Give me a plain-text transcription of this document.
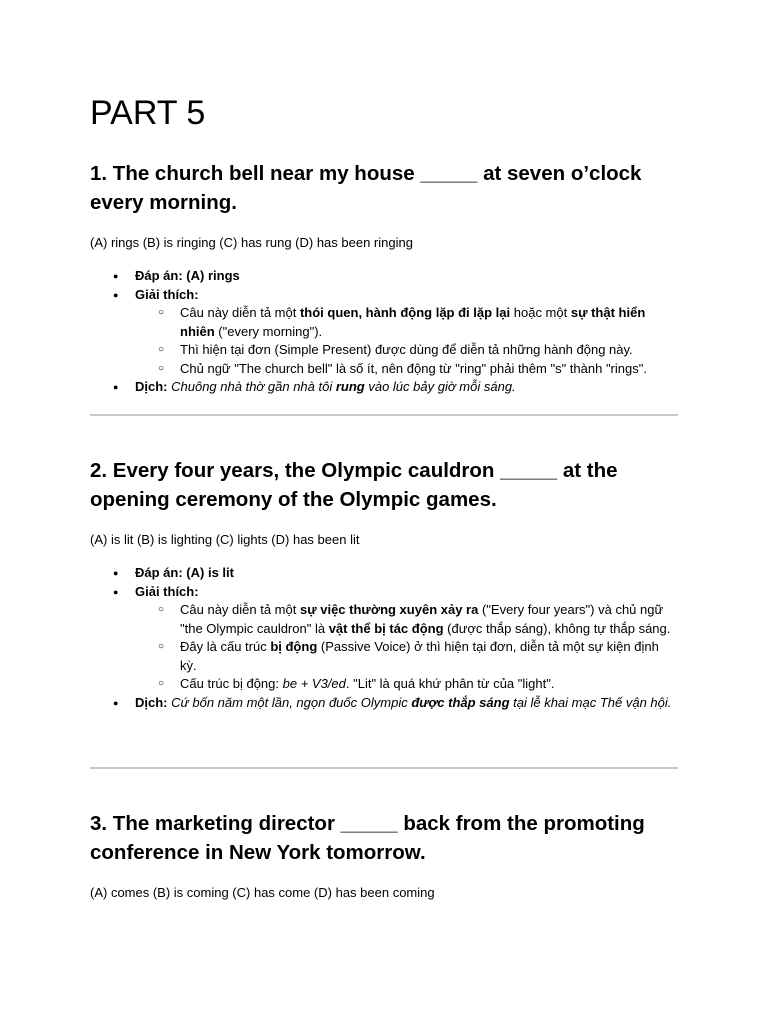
PART 5

1. The church bell near my house _____ at seven o’clock every morning.

(A) rings (B) is ringing (C) has rung (D) has been ringing

● Đáp án: (A) rings
● Giải thích:
○ Câu này diễn tả một thói quen, hành động lặp đi lặp lại hoặc một sự thật hiển nhiên ("every morning").
○ Thì hiện tại đơn (Simple Present) được dùng để diễn tả những hành động này.
○ Chủ ngữ "The church bell" là số ít, nên động từ "ring" phải thêm "s" thành "rings".
● Dịch: Chuông nhà thờ gần nhà tôi rung vào lúc bảy giờ mỗi sáng.

2. Every four years, the Olympic cauldron _____ at the opening ceremony of the Olympic games.

(A) is lit (B) is lighting (C) lights (D) has been lit

● Đáp án: (A) is lit
● Giải thích:
○ Câu này diễn tả một sự việc thường xuyên xảy ra ("Every four years") và chủ ngữ "the Olympic cauldron" là vật thể bị tác động (được thắp sáng), không tự thắp sáng.
○ Đây là cấu trúc bị động (Passive Voice) ở thì hiện tại đơn, diễn tả một sự kiện định kỳ.
○ Cấu trúc bị động: be + V3/ed. "Lit" là quá khứ phân từ của "light".
● Dịch: Cứ bốn năm một lần, ngọn đuốc Olympic được thắp sáng tại lễ khai mạc Thế vận hội.

3. The marketing director _____ back from the promoting conference in New York tomorrow.

(A) comes (B) is coming (C) has come (D) has been coming
